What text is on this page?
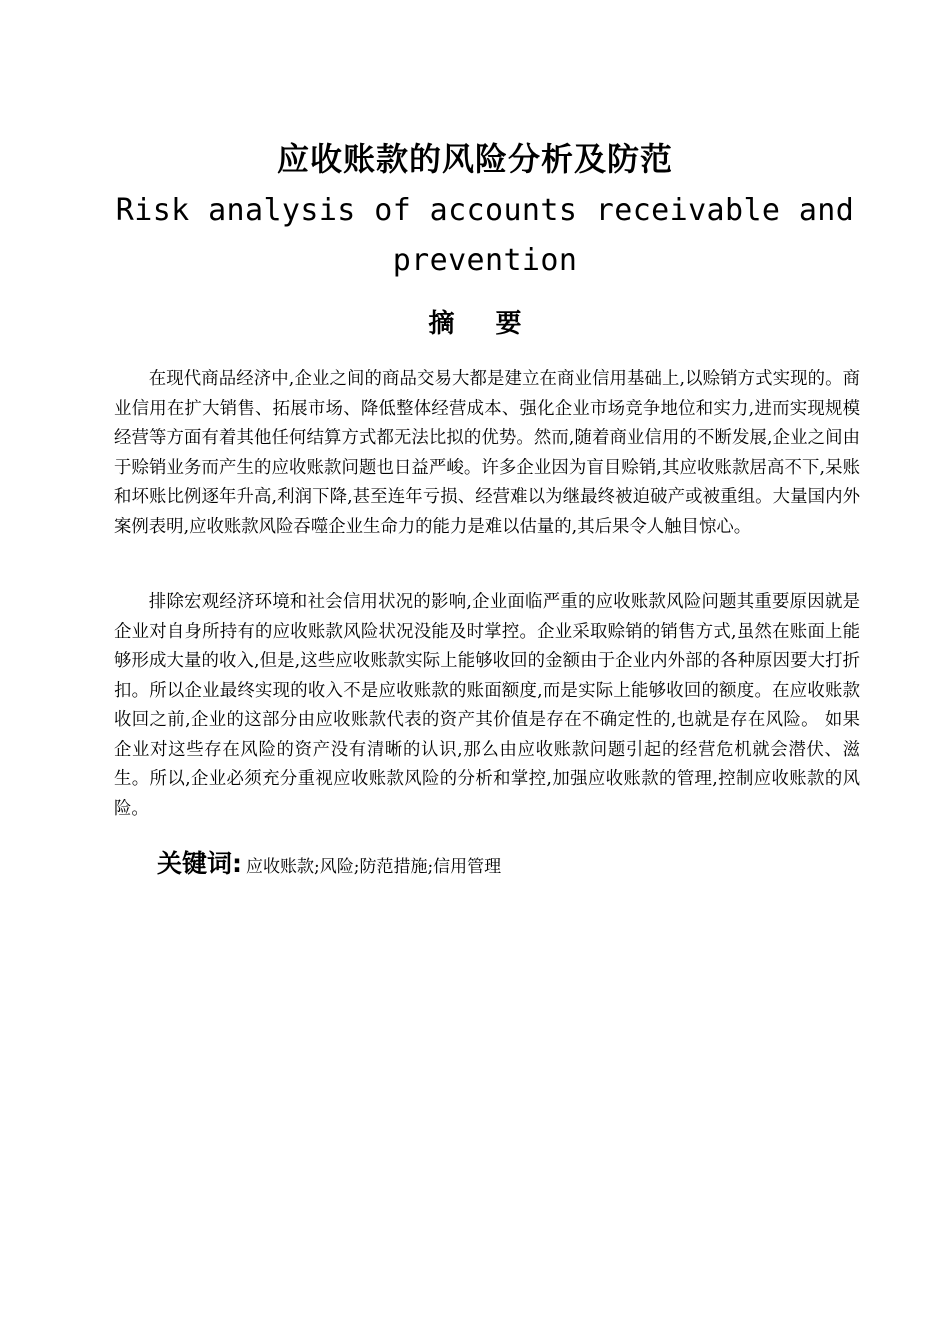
应收账款的风险分析及防范
Risk analysis of accounts receivable and prevention
摘 要

在现代商品经济中,企业之间的商品交易大都是建立在商业信用基础上,以赊销方式实现的。商业信用在扩大销售、拓展市场、降低整体经营成本、强化企业市场竞争地位和实力,进而实现规模经营等方面有着其他任何结算方式都无法比拟的优势。然而,随着商业信用的不断发展,企业之间由于赊销业务而产生的应收账款问题也日益严峻。许多企业因为盲目赊销,其应收账款居高不下,呆账和坏账比例逐年升高,利润下降,甚至连年亏损、经营难以为继最终被迫破产或被重组。大量国内外案例表明,应收账款风险吞噬企业生命力的能力是难以估量的,其后果令人触目惊心。

排除宏观经济环境和社会信用状况的影响,企业面临严重的应收账款风险问题其重要原因就是企业对自身所持有的应收账款风险状况没能及时掌控。企业采取赊销的销售方式,虽然在账面上能够形成大量的收入,但是,这些应收账款实际上能够收回的金额由于企业内外部的各种原因要大打折扣。所以企业最终实现的收入不是应收账款的账面额度,而是实际上能够收回的额度。在应收账款收回之前,企业的这部分由应收账款代表的资产其价值是存在不确定性的,也就是存在风险。 如果企业对这些存在风险的资产没有清晰的认识,那么由应收账款问题引起的经营危机就会潜伏、滋生。所以,企业必须充分重视应收账款风险的分析和掌控,加强应收账款的管理,控制应收账款的风险。

关键词: 应收账款;风险;防范措施;信用管理
